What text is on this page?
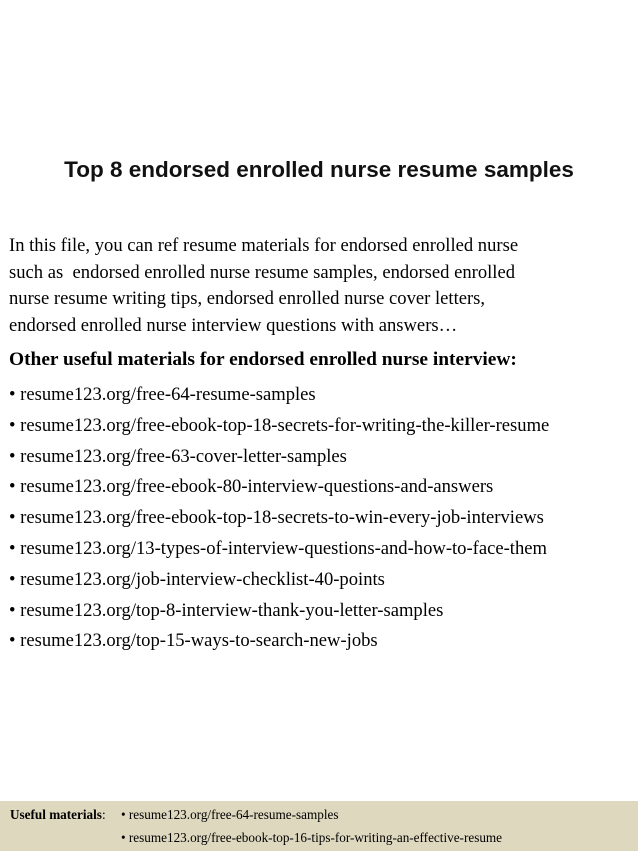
Top 8 endorsed enrolled nurse resume samples

In this file, you can ref resume materials for endorsed enrolled nurse
such as  endorsed enrolled nurse resume samples, endorsed enrolled
nurse resume writing tips, endorsed enrolled nurse cover letters,
endorsed enrolled nurse interview questions with answers…

Other useful materials for endorsed enrolled nurse interview:
• resume123.org/free-64-resume-samples
• resume123.org/free-ebook-top-18-secrets-for-writing-the-killer-resume
• resume123.org/free-63-cover-letter-samples
• resume123.org/free-ebook-80-interview-questions-and-answers
• resume123.org/free-ebook-top-18-secrets-to-win-every-job-interviews
• resume123.org/13-types-of-interview-questions-and-how-to-face-them
• resume123.org/job-interview-checklist-40-points
• resume123.org/top-8-interview-thank-you-letter-samples
• resume123.org/top-15-ways-to-search-new-jobs
Useful materials: • resume123.org/free-64-resume-samples
• resume123.org/free-ebook-top-16-tips-for-writing-an-effective-resume
